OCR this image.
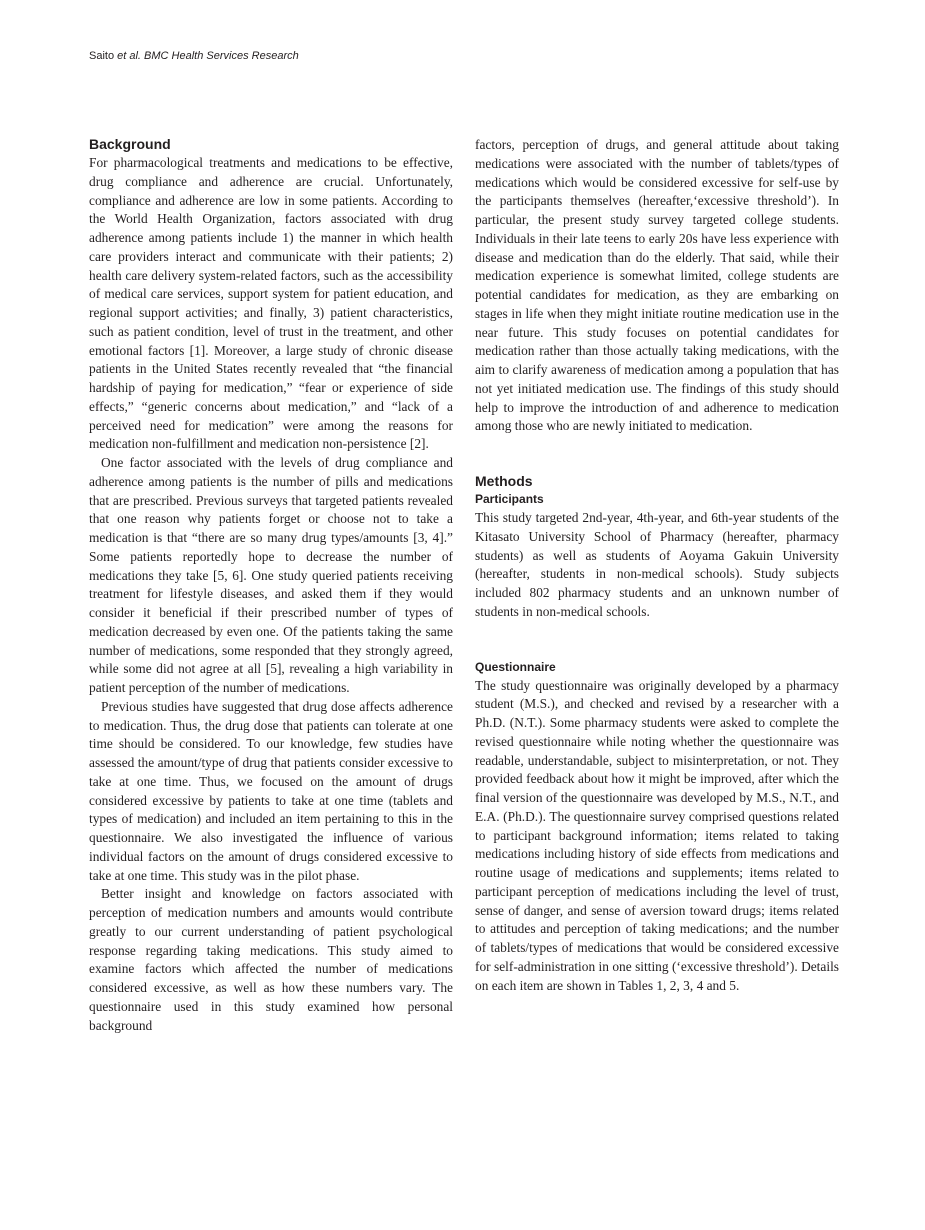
Saito et al. BMC Health Services Research
Background

For pharmacological treatments and medications to be effective, drug compliance and adherence are crucial. Unfortunately, compliance and adherence are low in some patients. According to the World Health Organization, factors associated with drug adherence among patients include 1) the manner in which health care providers interact and communicate with their patients; 2) health care delivery system-related factors, such as the accessibility of medical care services, support system for patient education, and regional support activities; and finally, 3) patient characteristics, such as patient condition, level of trust in the treatment, and other emotional factors [1]. Moreover, a large study of chronic disease patients in the United States recently revealed that “the financial hardship of paying for medication,” “fear or experience of side effects,” “generic concerns about medication,” and “lack of a perceived need for medication” were among the reasons for medication non-fulfillment and medication non-persistence [2].

One factor associated with the levels of drug compliance and adherence among patients is the number of pills and medications that are prescribed. Previous surveys that targeted patients revealed that one reason why patients forget or choose not to take a medication is that “there are so many drug types/amounts [3, 4].” Some patients reportedly hope to decrease the number of medications they take [5, 6]. One study queried patients receiving treatment for lifestyle diseases, and asked them if they would consider it beneficial if their prescribed number of types of medication decreased by even one. Of the patients taking the same number of medications, some responded that they strongly agreed, while some did not agree at all [5], revealing a high variability in patient perception of the number of medications.

Previous studies have suggested that drug dose affects adherence to medication. Thus, the drug dose that patients can tolerate at one time should be considered. To our knowledge, few studies have assessed the amount/type of drug that patients consider excessive to take at one time. Thus, we focused on the amount of drugs considered excessive by patients to take at one time (tablets and types of medication) and included an item pertaining to this in the questionnaire. We also investigated the influence of various individual factors on the amount of drugs considered excessive to take at one time. This study was in the pilot phase.

Better insight and knowledge on factors associated with perception of medication numbers and amounts would contribute greatly to our current understanding of patient psychological response regarding taking medications. This study aimed to examine factors which affected the number of medications considered excessive, as well as how these numbers vary. The questionnaire used in this study examined how personal background

factors, perception of drugs, and general attitude about taking medications were associated with the number of tablets/types of medications which would be considered excessive for self-use by the participants themselves (hereafter,‘excessive threshold’). In particular, the present study survey targeted college students. Individuals in their late teens to early 20s have less experience with disease and medication than do the elderly. That said, while their medication experience is somewhat limited, college students are potential candidates for medication, as they are embarking on stages in life when they might initiate routine medication use in the near future. This study focuses on potential candidates for medication rather than those actually taking medications, with the aim to clarify awareness of medication among a population that has not yet initiated medication use. The findings of this study should help to improve the introduction of and adherence to medication among those who are newly initiated to medication.

Methods
Participants

This study targeted 2nd-year, 4th-year, and 6th-year students of the Kitasato University School of Pharmacy (hereafter, pharmacy students) as well as students of Aoyama Gakuin University (hereafter, students in non-medical schools). Study subjects included 802 pharmacy students and an unknown number of students in non-medical schools.

Questionnaire

The study questionnaire was originally developed by a pharmacy student (M.S.), and checked and revised by a researcher with a Ph.D. (N.T.). Some pharmacy students were asked to complete the revised questionnaire while noting whether the questionnaire was readable, understandable, subject to misinterpretation, or not. They provided feedback about how it might be improved, after which the final version of the questionnaire was developed by M.S., N.T., and E.A. (Ph.D.). The questionnaire survey comprised questions related to participant background information; items related to taking medications including history of side effects from medications and routine usage of medications and supplements; items related to participant perception of medications including the level of trust, sense of danger, and sense of aversion toward drugs; items related to attitudes and perception of taking medications; and the number of tablets/types of medications that would be considered excessive for self-administration in one sitting (‘excessive threshold’). Details on each item are shown in Tables 1, 2, 3, 4 and 5.
